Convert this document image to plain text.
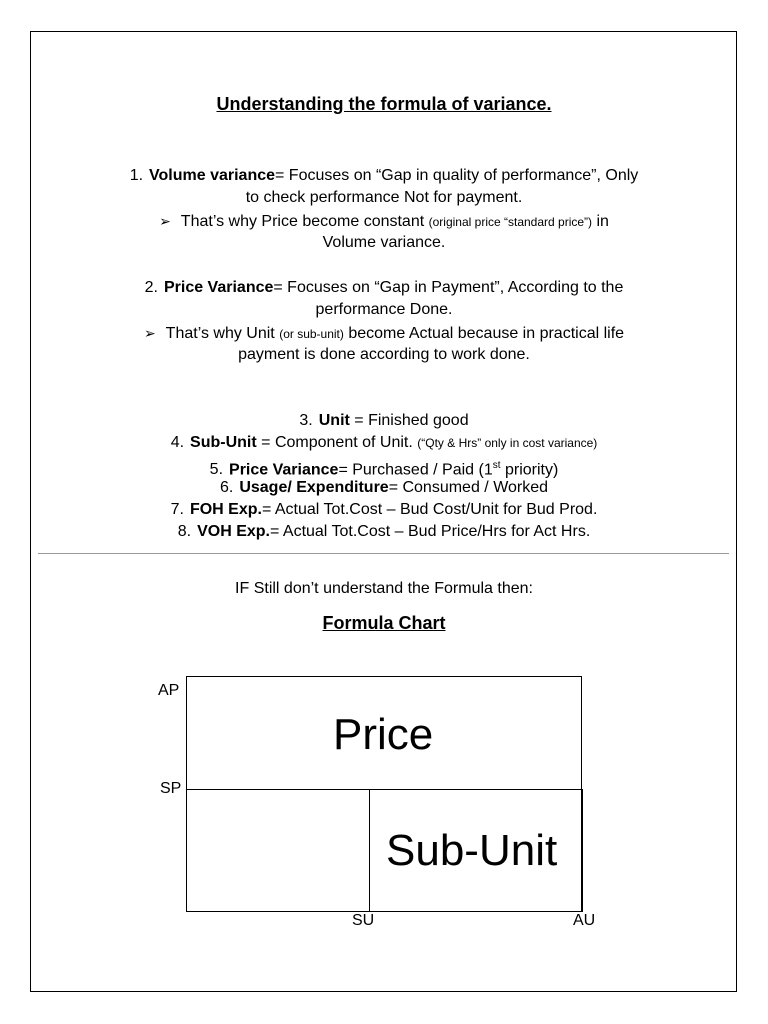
Understanding the formula of variance.
1. Volume variance= Focuses on “Gap in quality of performance”, Only
to check performance Not for payment.
➢ That’s why Price become constant (original price “standard price”) in
Volume variance.
2. Price Variance= Focuses on “Gap in Payment”, According to the
performance Done.
➢ That’s why Unit (or sub-unit) become Actual because in practical life
payment is done according to work done.
3. Unit = Finished good
4. Sub-Unit = Component of Unit. (“Qty & Hrs” only in cost variance)
5. Price Variance= Purchased / Paid (1st priority)
6. Usage/ Expenditure= Consumed / Worked
7. FOH Exp.= Actual Tot.Cost – Bud Cost/Unit for Bud Prod.
8. VOH Exp.= Actual Tot.Cost – Bud Price/Hrs for Act Hrs.
IF Still don’t understand the Formula then:
Formula Chart
Price
Sub-Unit
AP
SP
SU	AU
